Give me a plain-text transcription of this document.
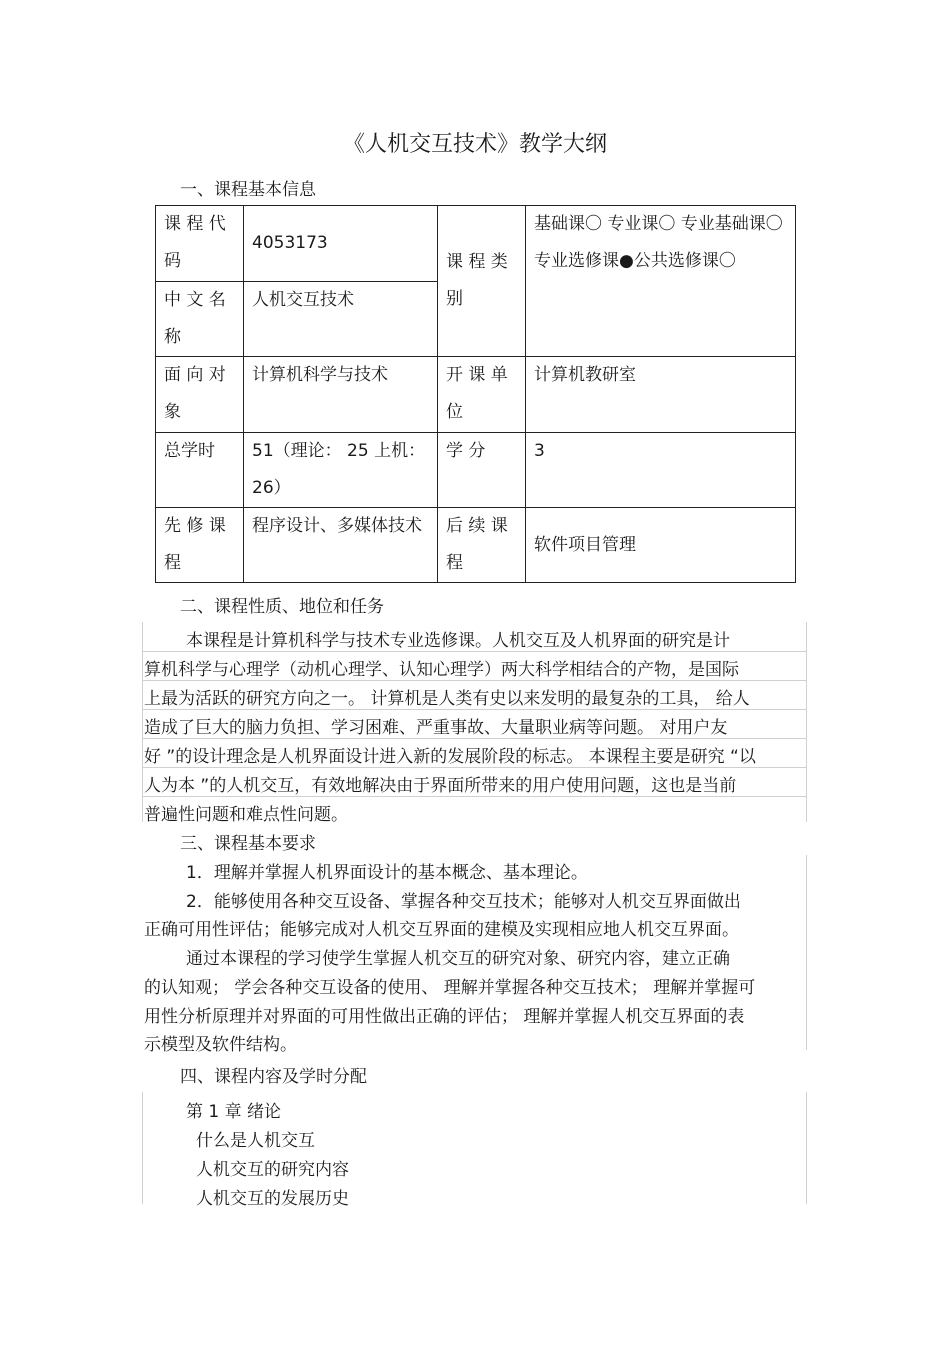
《人机交互技术》教学大纲
一、课程基本信息
课 程 代 码	4053173	课 程 类 别	基础课〇 专业课〇 专业基础课〇
专业选修课●公共选修课〇

中 文 名 称	人机交互技术		
面 向 对 象	计算机科学与技术	开 课 单 位	计算机教研室
总学时	51（理论： 25 上机： 26）	学 分	3
先 修 课 程	程序设计、多媒体技术	后 续 课 程	软件项目管理
二、课程性质、地位和任务
本课程是计算机科学与技术专业选修课。人机交互及人机界面的研究是计
算机科学与心理学（动机心理学、认知心理学）两大科学相结合的产物，是国际
上最为活跃的研究方向之一。 计算机是人类有史以来发明的最复杂的工具， 给人
造成了巨大的脑力负担、学习困难、严重事故、大量职业病等问题。 对用户友
好 ”的设计理念是人机界面设计进入新的发展阶段的标志。 本课程主要是研究 “以
人为本 ”的人机交互，有效地解决由于界面所带来的用户使用问题，这也是当前
普遍性问题和难点性问题。
三、课程基本要求
1．理解并掌握人机界面设计的基本概念、基本理论。
2．能够使用各种交互设备、掌握各种交互技术；能够对人机交互界面做出
正确可用性评估；能够完成对人机交互界面的建模及实现相应地人机交互界面。
通过本课程的学习使学生掌握人机交互的研究对象、研究内容，建立正确
的认知观； 学会各种交互设备的使用、 理解并掌握各种交互技术； 理解并掌握可
用性分析原理并对界面的可用性做出正确的评估； 理解并掌握人机交互界面的表
示模型及软件结构。
四、课程内容及学时分配
第 1 章 绪论
什么是人机交互
人机交互的研究内容
人机交互的发展历史
